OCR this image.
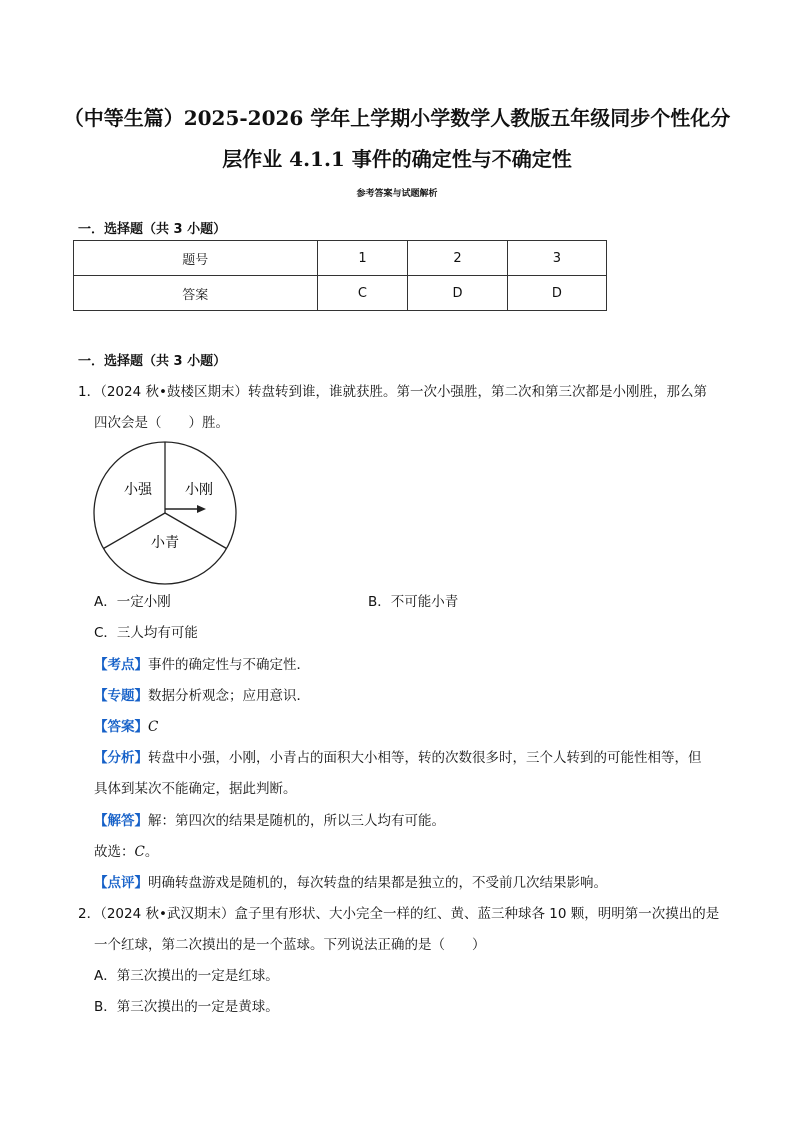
（中等生篇）2025-2026 学年上学期小学数学人教版五年级同步个性化分
层作业 4.1.1 事件的确定性与不确定性
参考答案与试题解析
一．选择题（共 3 小题）
题号	1	2	3
答案	C	D	D
一．选择题（共 3 小题）
1．（2024 秋•鼓楼区期末）转盘转到谁，谁就获胜。第一次小强胜，第二次和第三次都是小刚胜，那么第
四次会是（　　）胜。
小强 小刚
小青
A．一定小刚	B．不可能小青
C．三人均有可能
【考点】事件的确定性与不确定性．
【专题】数据分析观念；应用意识．
【答案】C
【分析】转盘中小强，小刚，小青占的面积大小相等，转的次数很多时，三个人转到的可能性相等，但
具体到某次不能确定，据此判断。
【解答】解：第四次的结果是随机的，所以三人均有可能。
故选：C。
【点评】明确转盘游戏是随机的，每次转盘的结果都是独立的，不受前几次结果影响。
2．（2024 秋•武汉期末）盒子里有形状、大小完全一样的红、黄、蓝三种球各 10 颗，明明第一次摸出的是
一个红球，第二次摸出的是一个蓝球。下列说法正确的是（　　）
A．第三次摸出的一定是红球。
B．第三次摸出的一定是黄球。
